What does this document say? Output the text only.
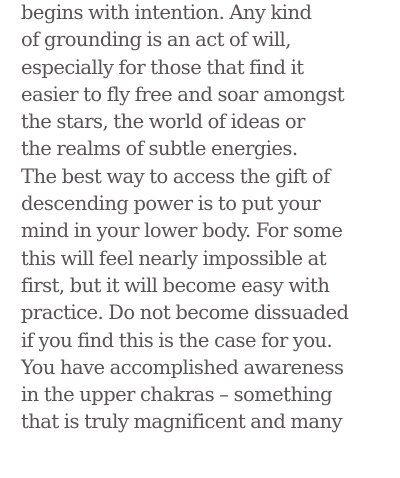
begins with intention. Any kind
of grounding is an act of will,
especially for those that find it
easier to fly free and soar amongst
the stars, the world of ideas or
the realms of subtle energies.
The best way to access the gift of
descending power is to put your
mind in your lower body. For some
this will feel nearly impossible at
first, but it will become easy with
practice. Do not become dissuaded
if you find this is the case for you.
You have accomplished awareness
in the upper chakras – something
that is truly magnificent and many
